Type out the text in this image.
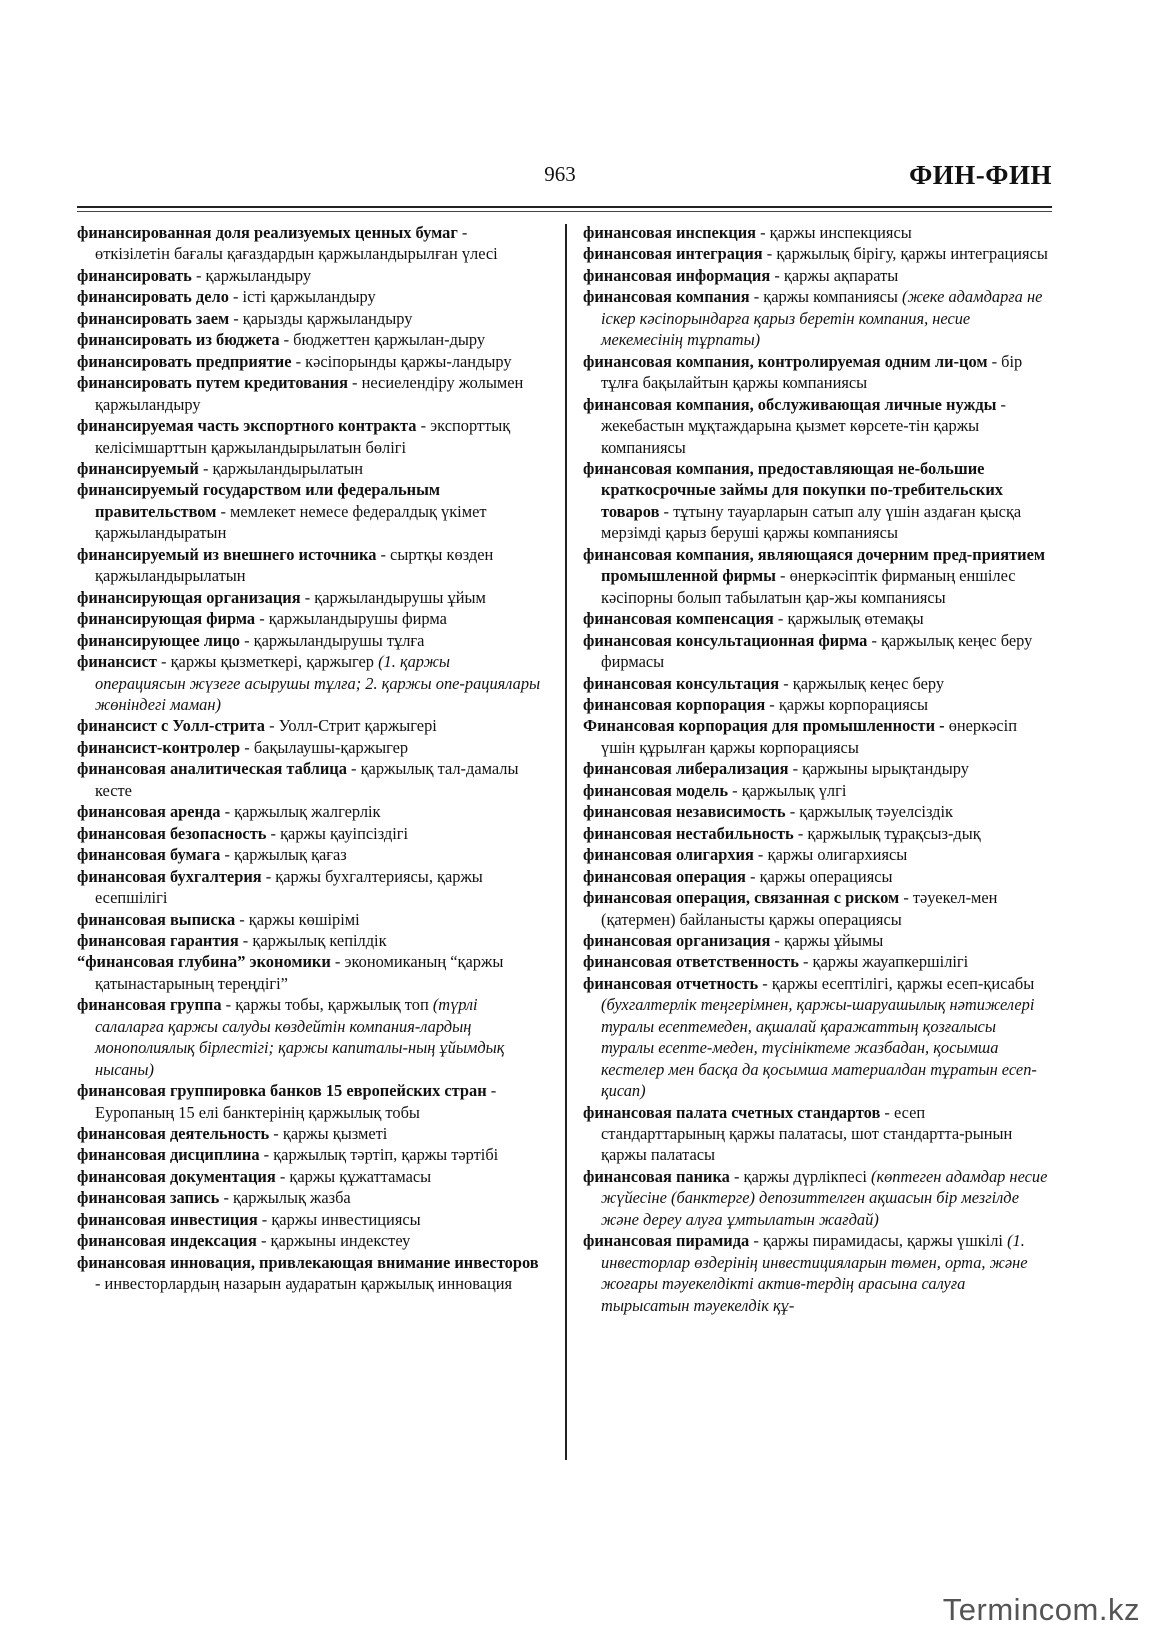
963	ФИН-ФИН

финансированная доля реализуемых ценных бумаг - өткізілетін бағалы қағаздардын қаржыландырылған үлесі

финансировать - қаржыландыру

финансировать дело - істі қаржыландыру

финансировать заем - қарызды қаржыландыру

финансировать из бюджета - бюджеттен қаржылан-дыру

финансировать предприятие - кәсіпорынды қаржы-ландыру

финансировать путем кредитования - несиелендіру жолымен қаржыландыру

финансируемая часть экспортного контракта - экспорттық келісімшарттын қаржыландырылатын бөлігі

финансируемый - қаржыландырылатын

финансируемый государством или федеральным правительством - мемлекет немесе федералдық үкімет қаржыландыратын

финансируемый из внешнего источника - сыртқы көзден қаржыландырылатын

финансирующая организация - қаржыландырушы ұйым

финансирующая фирма - қаржыландырушы фирма

финансирующее лицо - қаржыландырушы тұлға

финансист - қаржы қызметкері, қаржыгер (1. қаржы операциясын жүзеге асырушы тұлға; 2. қаржы опе-рациялары жөніндегі маман)

финансист с Уолл-стрита - Уолл-Стрит қаржыгері

финансист-контролер - бақылаушы-қаржыгер

финансовая аналитическая таблица - қаржылық тал-дамалы кесте

финансовая аренда - қаржылық жалгерлік

финансовая безопасность - қаржы қауіпсіздігі

финансовая бумага - қаржылық қағаз

финансовая бухгалтерия - қаржы бухгалтериясы, қаржы есепшілігі

финансовая выписка - қаржы көшірімі

финансовая гарантия - қаржылық кепілдік

“финансовая глубина” экономики - экономиканың “қаржы қатынастарының тереңдігі”

финансовая группа - қаржы тобы, қаржылық топ (түрлі салаларға қаржы салуды көздейтін компания-лардың монополиялық бірлестігі; қаржы капиталы-ның ұйымдық нысаны)

финансовая группировка банков 15 европейских стран - Еуропаның 15 елі банктерінің қаржылық тобы

финансовая деятельность - қаржы қызметі

финансовая дисциплина - қаржылық тәртіп, қаржы тәртібі

финансовая документация - қаржы құжаттамасы

финансовая запись - қаржылық жазба

финансовая инвестиция - қаржы инвестициясы

финансовая индексация - қаржыны индекстеу

финансовая инновация, привлекающая внимание инвесторов - инвесторлардың назарын аударатын қаржылық инновация

финансовая инспекция - қаржы инспекциясы

финансовая интеграция - қаржылық бірігу, қаржы интеграциясы

финансовая информация - қаржы ақпараты

финансовая компания - қаржы компаниясы (жеке адамдарға не іскер кәсіпорындарға қарыз беретін компания, несие мекемесінің тұрпаты)

финансовая компания, контролируемая одним ли-цом - бір тұлға бақылайтын қаржы компаниясы

финансовая компания, обслуживающая личные нужды - жекебастын мұқтаждарына қызмет көрсете-тін қаржы компаниясы

финансовая компания, предоставляющая не-большие краткосрочные займы для покупки по-требительских товаров - тұтыну тауарларын сатып алу үшін аздаған қысқа мерзімді қарыз беруші қаржы компаниясы

финансовая компания, являющаяся дочерним пред-приятием промышленной фирмы - өнеркәсіптік фирманың еншілес кәсіпорны болып табылатын қар-жы компаниясы

финансовая компенсация - қаржылық өтемақы

финансовая консультационная фирма - қаржылық кеңес беру фирмасы

финансовая консультация - қаржылық кеңес беру

финансовая корпорация - қаржы корпорациясы

Финансовая корпорация для промышленности - өнеркәсіп үшін құрылған қаржы корпорациясы

финансовая либерализация - қаржыны ырықтандыру

финансовая модель - қаржылық үлгі

финансовая независимость - қаржылық тәуелсіздік

финансовая нестабильность - қаржылық тұрақсыз-дық

финансовая олигархия - қаржы олигархиясы

финансовая операция - қаржы операциясы

финансовая операция, связанная с риском - тәуекел-мен (қатермен) байланысты қаржы операциясы

финансовая организация - қаржы ұйымы

финансовая ответственность - қаржы жауапкершілігі

финансовая отчетность - қаржы есептілігі, қаржы есеп-қисабы (бухгалтерлік теңгерімнен, қаржы-шаруашылық нәтижелері туралы есептемеден, ақшалай қаражаттың қозғалысы туралы есепте-меден, түсініктеме жазбадан, қосымша кестелер мен басқа да қосымша материалдан тұратын есеп-қисап)

финансовая палата счетных стандартов - есеп стандарттарының қаржы палатасы, шот стандартта-рынын қаржы палатасы

финансовая паника - қаржы дүрлікпесі (көптеген адамдар несие жүйесіне (банктерге) депозиттелген ақшасын бір мезгілде және дереу алуға ұмтылатын жағдай)

финансовая пирамида - қаржы пирамидасы, қаржы үшкілі (1. инвесторлар өздерінің инвестицияларын төмен, орта, және жоғары тәуекелдікті актив-тердің арасына салуға тырысатын тәуекелдік құ-

Termincom.kz
